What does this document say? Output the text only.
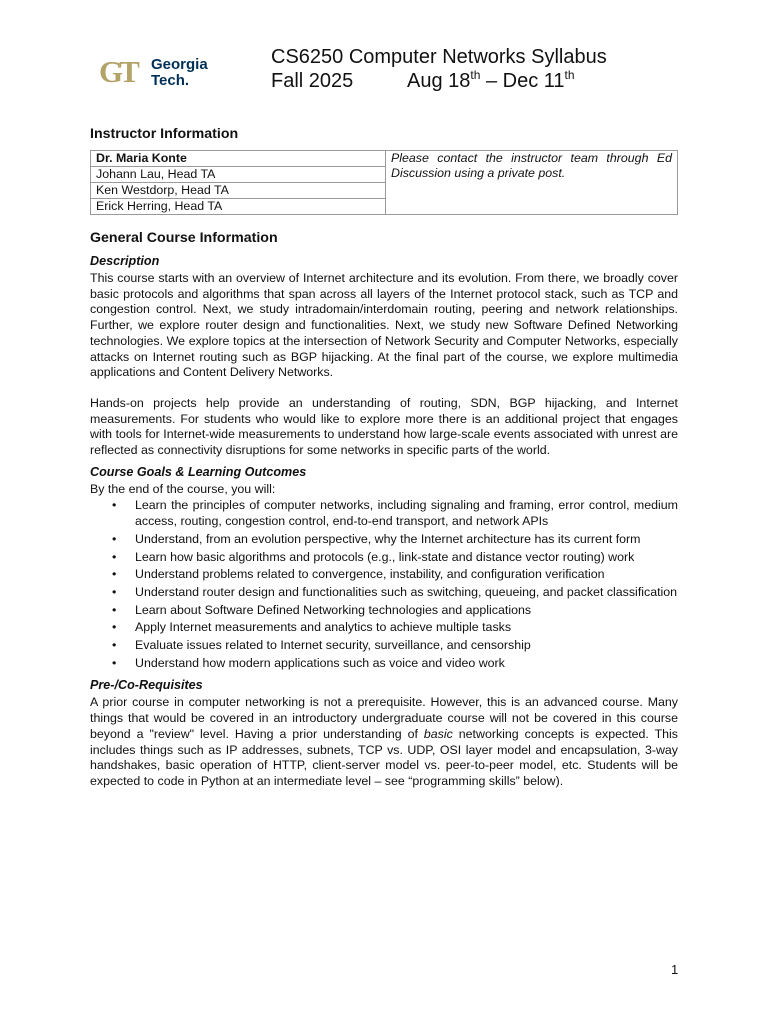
GT Georgia
Tech.
CS6250 Computer Networks Syllabus
Fall 2025	Aug 18th – Dec 11th
Instructor Information
Dr. Maria Konte	Please contact the instructor team through Ed Discussion using a private post.
Johann Lau, Head TA
Ken Westdorp, Head TA
Erick Herring, Head TA
General Course Information
Description

This course starts with an overview of Internet architecture and its evolution. From there, we broadly cover basic protocols and algorithms that span across all layers of the Internet protocol stack, such as TCP and congestion control. Next, we study intradomain/interdomain routing, peering and network relationships. Further, we explore router design and functionalities. Next, we study new Software Defined Networking technologies. We explore topics at the intersection of Network Security and Computer Networks, especially attacks on Internet routing such as BGP hijacking. At the final part of the course, we explore multimedia applications and Content Delivery Networks.

Hands-on projects help provide an understanding of routing, SDN, BGP hijacking, and Internet measurements. For students who would like to explore more there is an additional project that engages with tools for Internet-wide measurements to understand how large-scale events associated with unrest are reflected as connectivity disruptions for some networks in specific parts of the world.

Course Goals & Learning Outcomes

By the end of the course, you will:

• Learn the principles of computer networks, including signaling and framing, error control, medium access, routing, congestion control, end-to-end transport, and network APIs
• Understand, from an evolution perspective, why the Internet architecture has its current form
• Learn how basic algorithms and protocols (e.g., link-state and distance vector routing) work
• Understand problems related to convergence, instability, and configuration verification
• Understand router design and functionalities such as switching, queueing, and packet classification
• Learn about Software Defined Networking technologies and applications
• Apply Internet measurements and analytics to achieve multiple tasks
• Evaluate issues related to Internet security, surveillance, and censorship
• Understand how modern applications such as voice and video work
Pre-/Co-Requisites

A prior course in computer networking is not a prerequisite. However, this is an advanced course. Many things that would be covered in an introductory undergraduate course will not be covered in this course beyond a "review" level. Having a prior understanding of basic networking concepts is expected. This includes things such as IP addresses, subnets, TCP vs. UDP, OSI layer model and encapsulation, 3-way handshakes, basic operation of HTTP, client-server model vs. peer-to-peer model, etc. Students will be expected to code in Python at an intermediate level – see “programming skills” below).

1
